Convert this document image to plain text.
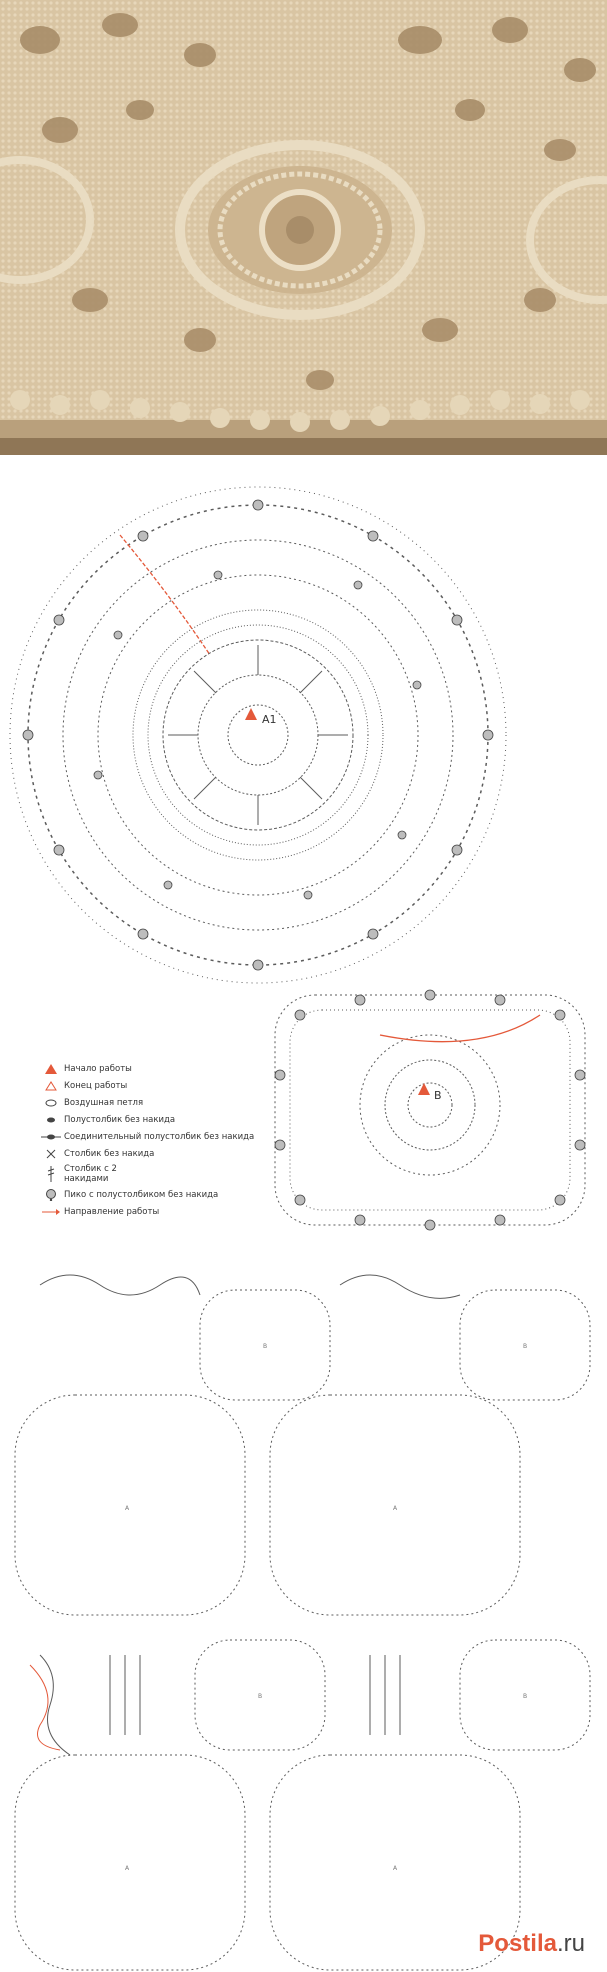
A1
B
Начало работы
Конец работы
Воздушная петля
Полустолбик без накида
Соединительный полустолбик без накида
Столбик без накида
Столбик с 2 накидами
Пико с полустолбиком без накида
Направление работы
A	A
A	A
B	B
B	B
Postila.ru
